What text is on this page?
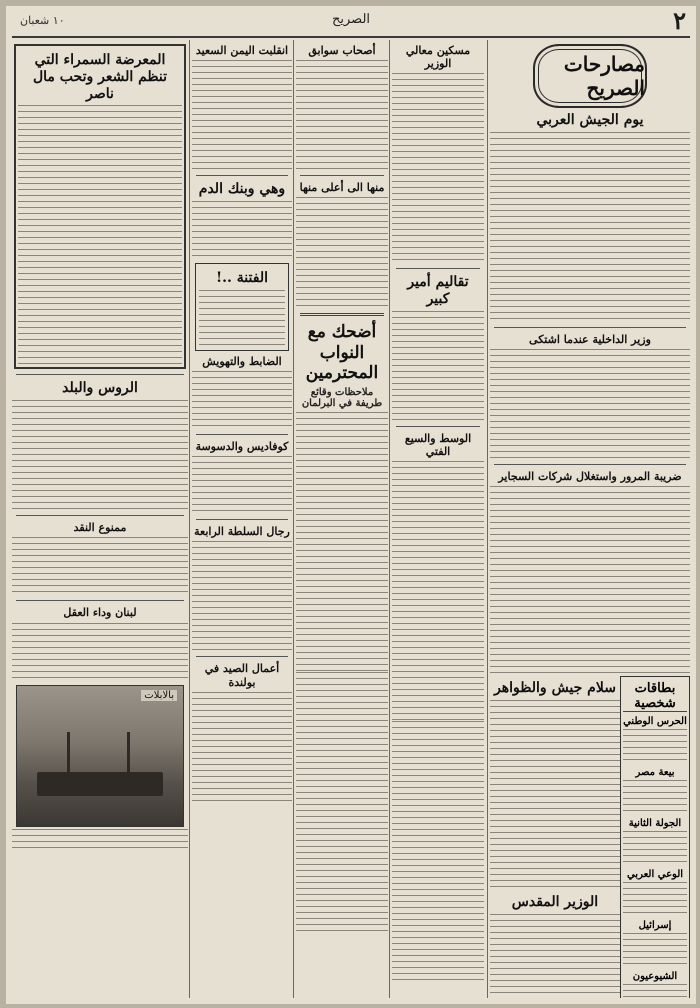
٢
الصريح
١٠ شعبان
مصارحات الصريح
يوم الجيش العربي
وزير الداخلية عندما اشتكى
ضريبة المرور واستغلال شركات السجاير
سلام جيش والظواهر
الوزير المقدس
بطاقات شخصية
الحرس الوطني
بيعة مصر
الجولة الثانية
الوعي العربي
إسرائيل
الشيوعيون
مسكين معالي الوزير
تقاليم أمير كبير
الوسط والسيع الفتي
أصحاب سوابق
منها الى أعلى منها
أضحك مع النواب المحترمين
ملاحظات وقائع طريفة في البرلمان
انقلبت اليمن السعيد
وهي وبنك الدم
الفتنة ..!
الضابط والتهويش
كوفاديس والدسوسة
رجال السلطة الرابعة
أعمال الصيد في بولندة
المعرضة السمراء التي تنظم الشعر وتحب مال ناصر
الروس والبلد
ممنوع النقد
لبنان وداء العقل
بالابلات
